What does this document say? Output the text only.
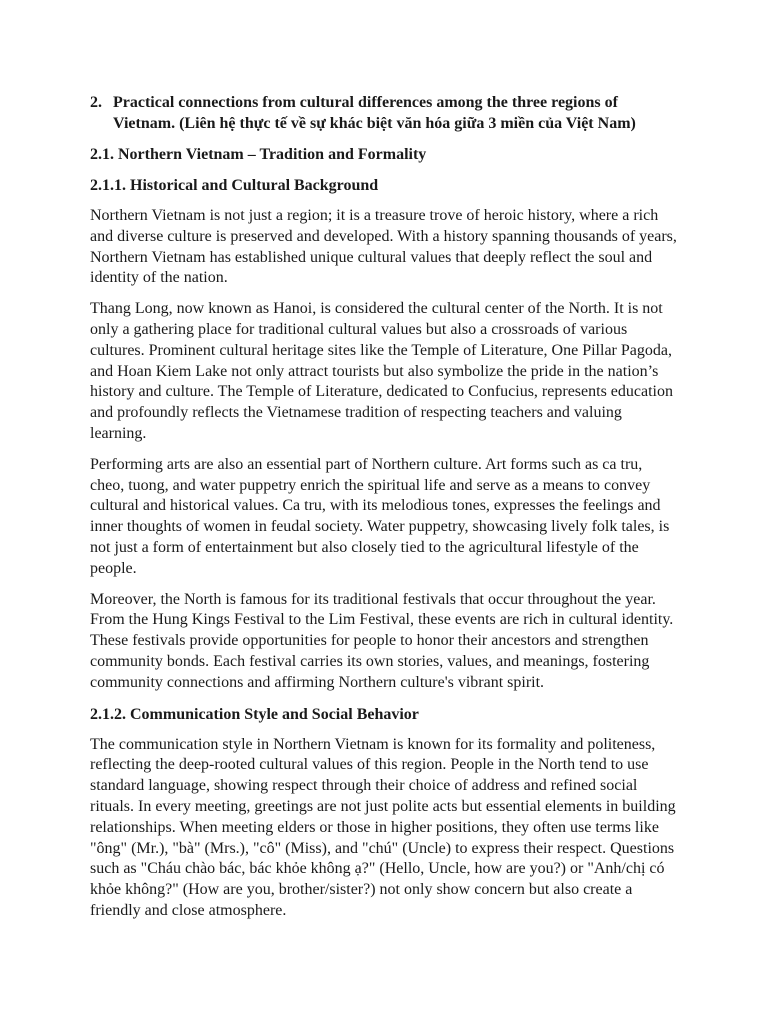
2. Practical connections from cultural differences among the three regions of Vietnam. (Liên hệ thực tế về sự khác biệt văn hóa giữa 3 miền của Việt Nam)
2.1. Northern Vietnam – Tradition and Formality
2.1.1. Historical and Cultural Background

Northern Vietnam is not just a region; it is a treasure trove of heroic history, where a rich and diverse culture is preserved and developed. With a history spanning thousands of years, Northern Vietnam has established unique cultural values that deeply reflect the soul and identity of the nation.

Thang Long, now known as Hanoi, is considered the cultural center of the North. It is not only a gathering place for traditional cultural values but also a crossroads of various cultures. Prominent cultural heritage sites like the Temple of Literature, One Pillar Pagoda, and Hoan Kiem Lake not only attract tourists but also symbolize the pride in the nation’s history and culture. The Temple of Literature, dedicated to Confucius, represents education and profoundly reflects the Vietnamese tradition of respecting teachers and valuing learning.

Performing arts are also an essential part of Northern culture. Art forms such as ca tru, cheo, tuong, and water puppetry enrich the spiritual life and serve as a means to convey cultural and historical values. Ca tru, with its melodious tones, expresses the feelings and inner thoughts of women in feudal society. Water puppetry, showcasing lively folk tales, is not just a form of entertainment but also closely tied to the agricultural lifestyle of the people.

Moreover, the North is famous for its traditional festivals that occur throughout the year. From the Hung Kings Festival to the Lim Festival, these events are rich in cultural identity. These festivals provide opportunities for people to honor their ancestors and strengthen community bonds. Each festival carries its own stories, values, and meanings, fostering community connections and affirming Northern culture's vibrant spirit.

2.1.2. Communication Style and Social Behavior

The communication style in Northern Vietnam is known for its formality and politeness, reflecting the deep-rooted cultural values of this region. People in the North tend to use standard language, showing respect through their choice of address and refined social rituals. In every meeting, greetings are not just polite acts but essential elements in building relationships. When meeting elders or those in higher positions, they often use terms like "ông" (Mr.), "bà" (Mrs.), "cô" (Miss), and "chú" (Uncle) to express their respect. Questions such as "Cháu chào bác, bác khỏe không ạ?" (Hello, Uncle, how are you?) or "Anh/chị có khỏe không?" (How are you, brother/sister?) not only show concern but also create a friendly and close atmosphere.
